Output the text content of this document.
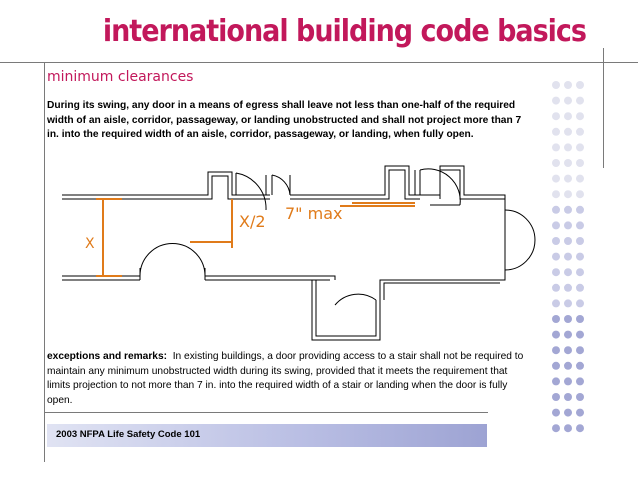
international building code basics
minimum clearances
During its swing, any door in a means of egress shall leave not less than one-half of the required width of an aisle, corridor, passageway, or landing unobstructed and shall not project more than 7 in. into the required width of an aisle, corridor, passageway, or landing, when fully open.
X
X/2 7" max
exceptions and remarks: In existing buildings, a door providing access to a stair shall not be required to maintain any minimum unobstructed width during its swing, provided that it meets the requirement that limits projection to not more than 7 in. into the required width of a stair or landing when the door is fully open.
2003 NFPA Life Safety Code 101
